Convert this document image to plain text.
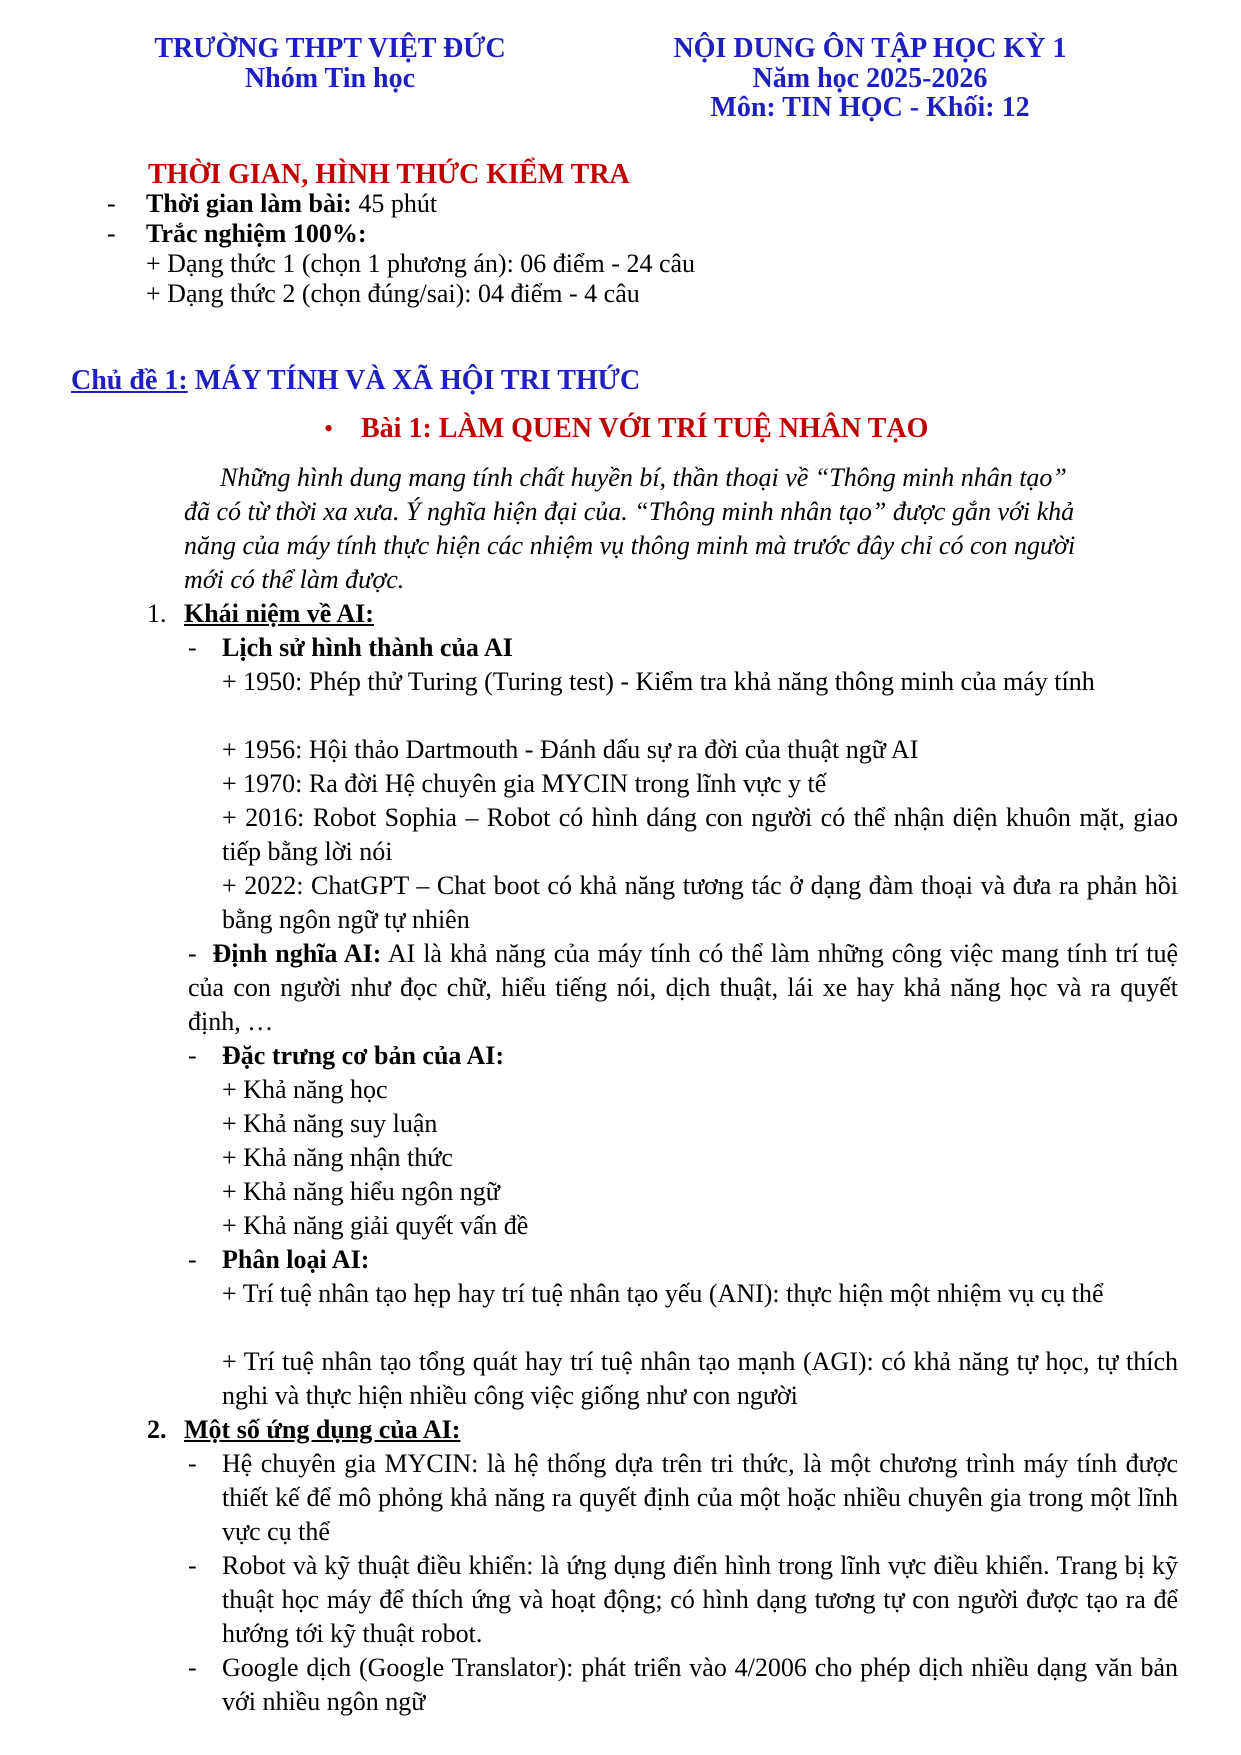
TRƯỜNG THPT VIỆT ĐỨC
Nhóm Tin học
NỘI DUNG ÔN TẬP HỌC KỲ 1
Năm học 2025-2026
Môn: TIN HỌC - Khối: 12
THỜI GIAN, HÌNH THỨC KIỂM TRA
- Thời gian làm bài: 45 phút
- Trắc nghiệm 100%:
+ Dạng thức 1 (chọn 1 phương án): 06 điểm - 24 câu
+ Dạng thức 2 (chọn đúng/sai): 04 điểm - 4 câu
Chủ đề 1: MÁY TÍNH VÀ XÃ HỘI TRI THỨC
• Bài 1: LÀM QUEN VỚI TRÍ TUỆ NHÂN TẠO
Những hình dung mang tính chất huyền bí, thần thoại về “Thông minh nhân tạo”
đã có từ thời xa xưa. Ý nghĩa hiện đại của. “Thông minh nhân tạo” được gắn với khả
năng của máy tính thực hiện các nhiệm vụ thông minh mà trước đây chỉ có con người
mới có thể làm được.
1. Khái niệm về AI:
- Lịch sử hình thành của AI
+ 1950: Phép thử Turing (Turing test) - Kiểm tra khả năng thông minh của máy tính
+ 1956: Hội thảo Dartmouth - Đánh dấu sự ra đời của thuật ngữ AI
+ 1970: Ra đời Hệ chuyên gia MYCIN trong lĩnh vực y tế
+ 2016: Robot Sophia – Robot có hình dáng con người có thể nhận diện khuôn mặt, giao tiếp bằng lời nói
+ 2022: ChatGPT – Chat boot có khả năng tương tác ở dạng đàm thoại và đưa ra phản hồi bằng ngôn ngữ tự nhiên
- Định nghĩa AI: AI là khả năng của máy tính có thể làm những công việc mang tính trí tuệ của con người như đọc chữ, hiểu tiếng nói, dịch thuật, lái xe hay khả năng học và ra quyết định, …
- Đặc trưng cơ bản của AI:
+ Khả năng học
+ Khả năng suy luận
+ Khả năng nhận thức
+ Khả năng hiểu ngôn ngữ
+ Khả năng giải quyết vấn đề
- Phân loại AI:
+ Trí tuệ nhân tạo hẹp hay trí tuệ nhân tạo yếu (ANI): thực hiện một nhiệm vụ cụ thể
+ Trí tuệ nhân tạo tổng quát hay trí tuệ nhân tạo mạnh (AGI): có khả năng tự học, tự thích nghi và thực hiện nhiều công việc giống như con người
2. Một số ứng dụng của AI:
- Hệ chuyên gia MYCIN: là hệ thống dựa trên tri thức, là một chương trình máy tính được thiết kế để mô phỏng khả năng ra quyết định của một hoặc nhiều chuyên gia trong một lĩnh vực cụ thể
- Robot và kỹ thuật điều khiển: là ứng dụng điển hình trong lĩnh vực điều khiển. Trang bị kỹ thuật học máy để thích ứng và hoạt động; có hình dạng tương tự con người được tạo ra để hướng tới kỹ thuật robot.
- Google dịch (Google Translator): phát triển vào 4/2006 cho phép dịch nhiều dạng văn bản với nhiều ngôn ngữ
